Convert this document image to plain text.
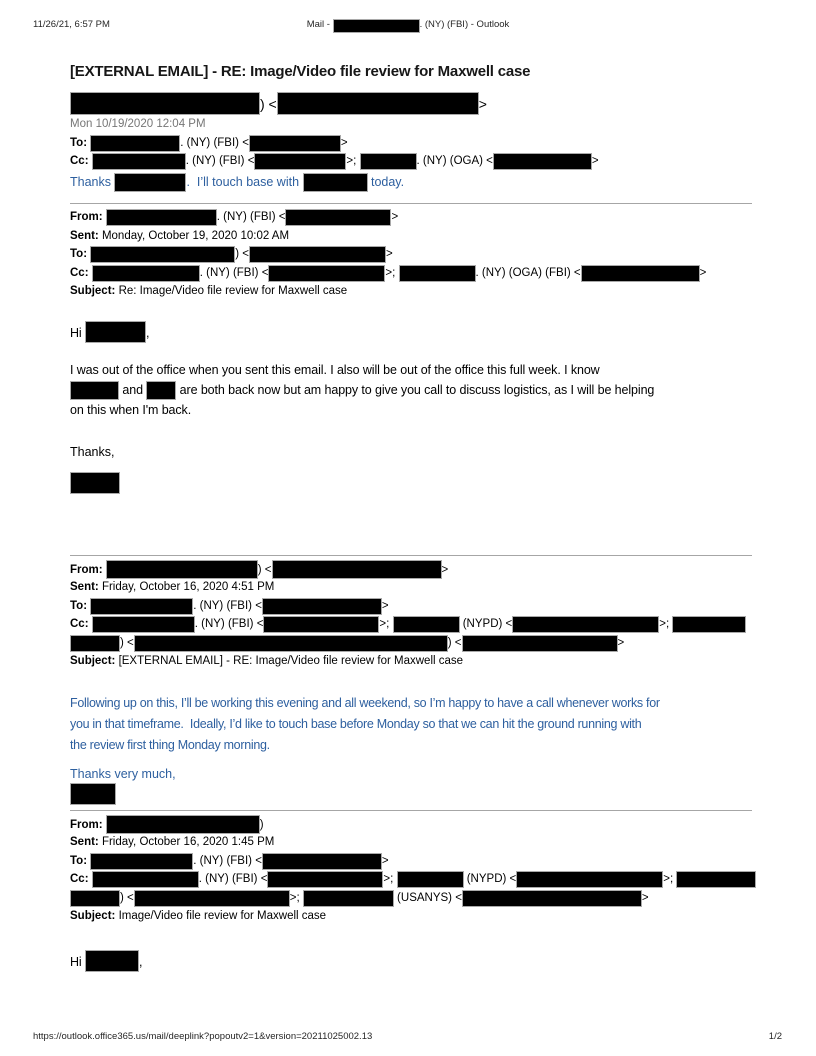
11/26/21, 6:57 PM	Mail -	. (NY) (FBI) - Outlook
[EXTERNAL EMAIL] - RE: Image/Video file review for Maxwell case
) <	>
Mon 10/19/2020 12:04 PM
To:	. (NY) (FBI) <	>
Cc:	. (NY) (FBI) <	>;	. (NY) (OGA) <	>
Thanks	.  I’ll touch base with	today.
From:	. (NY) (FBI) <	>
Sent: Monday, October 19, 2020 10:02 AM
To:	) <	>
Cc:	. (NY) (FBI) <	>;	. (NY) (OGA) (FBI) <	>
Subject: Re: Image/Video file review for Maxwell case
Hi	,
I was out of the office when you sent this email. I also will be out of the office this full week. I know
and  are both back now but am happy to give you call to discuss logistics, as I will be helping
on this when I'm back.
Thanks,
From:	) <	>
Sent: Friday, October 16, 2020 4:51 PM
To:	. (NY) (FBI) <	>
Cc:	. (NY) (FBI) <	>;	(NYPD) <	>;
) <	) <	>
Subject: [EXTERNAL EMAIL] - RE: Image/Video file review for Maxwell case
Following up on this, I’ll be working this evening and all weekend, so I’m happy to have a call whenever works for
you in that timeframe.  Ideally, I’d like to touch base before Monday so that we can hit the ground running with
the review first thing Monday morning.
Thanks very much,
From:	)
Sent: Friday, October 16, 2020 1:45 PM
To:	. (NY) (FBI) <	>
Cc:	. (NY) (FBI) <	>;	(NYPD) <	>;
) <	>;	(USANYS) <	>
Subject: Image/Video file review for Maxwell case
Hi	,
https://outlook.office365.us/mail/deeplink?popoutv2=1&version=20211025002.13	1/2
